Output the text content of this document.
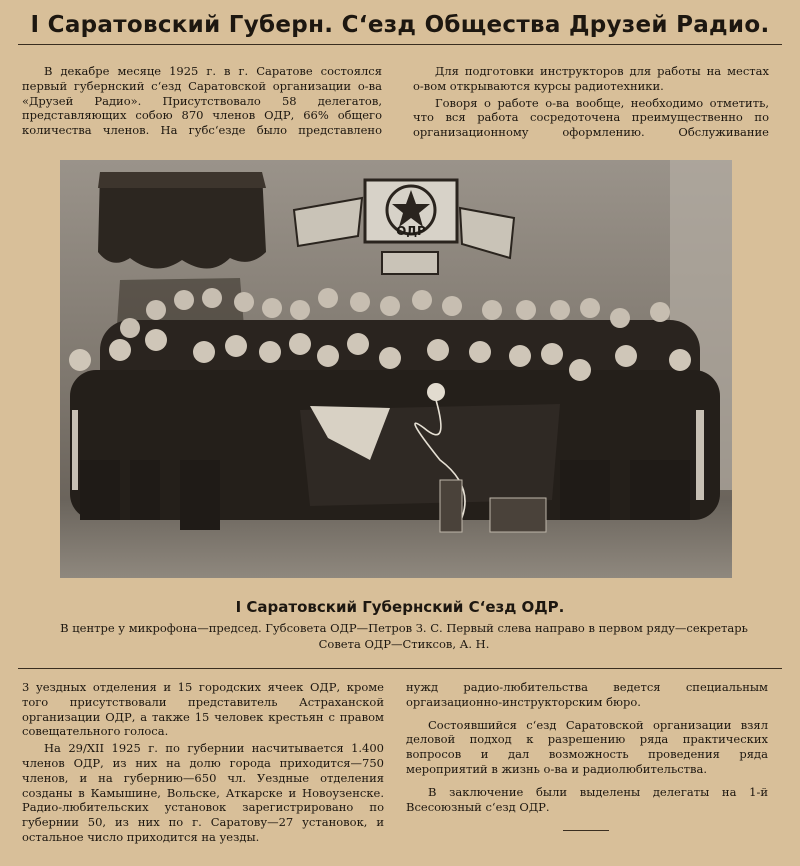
I Саратовский Губерн. С‘езд Общества Друзей Радио.

В декабре месяце 1925 г. в г. Саратове состоялся первый губернский с‘езд Саратовской организации о-ва «Друзей Радио». Присутствовало 58 делегатов, представляющих собою 870 членов ОДР, 66% общего количества членов. На губс‘езде было представлено

Для подготовки инструкторов для работы на местах о-вом открываются курсы радиотехники.

Говоря о работе о-ва вообще, необходимо отметить, что вся работа сосредоточена преимущественно по организационному оформлению. Обслуживание

ОДР
I Саратовский Губернский С‘езд ОДР.

В центре у микрофона—председ. Губсовета ОДР—Петров З. С. Первый слева направо в первом ряду—секретарь Совета ОДР—Стиксов, А. Н.

3 уездных отделения и 15 городских ячеек ОДР, кроме того присутствовали представитель Астраханской организации ОДР, а также 15 человек крестьян с правом совещательного голоса.

На 29/XII 1925 г. по губернии насчитывается 1.400 членов ОДР, из них на долю города приходится—750 членов, и на губернию—650 чл. Уездные отделения созданы в Камышине, Вольске, Аткарске и Новоузенске. Радио-любительских установок зарегистрировано по губернии 50, из них по г. Саратову—27 установок, и остальное число приходится на уезды.

нужд радио-любительства ведется специальным оргаизационно-инструкторским бюро.

Состоявшийся с‘езд Саратовской организации взял деловой подход к разрешению ряда практических вопросов и дал возможность проведения ряда мероприятий в жизнь о-ва и радиолюбительства.

В заключение были выделены делегаты на 1-й Всесоюзный с‘езд ОДР.
